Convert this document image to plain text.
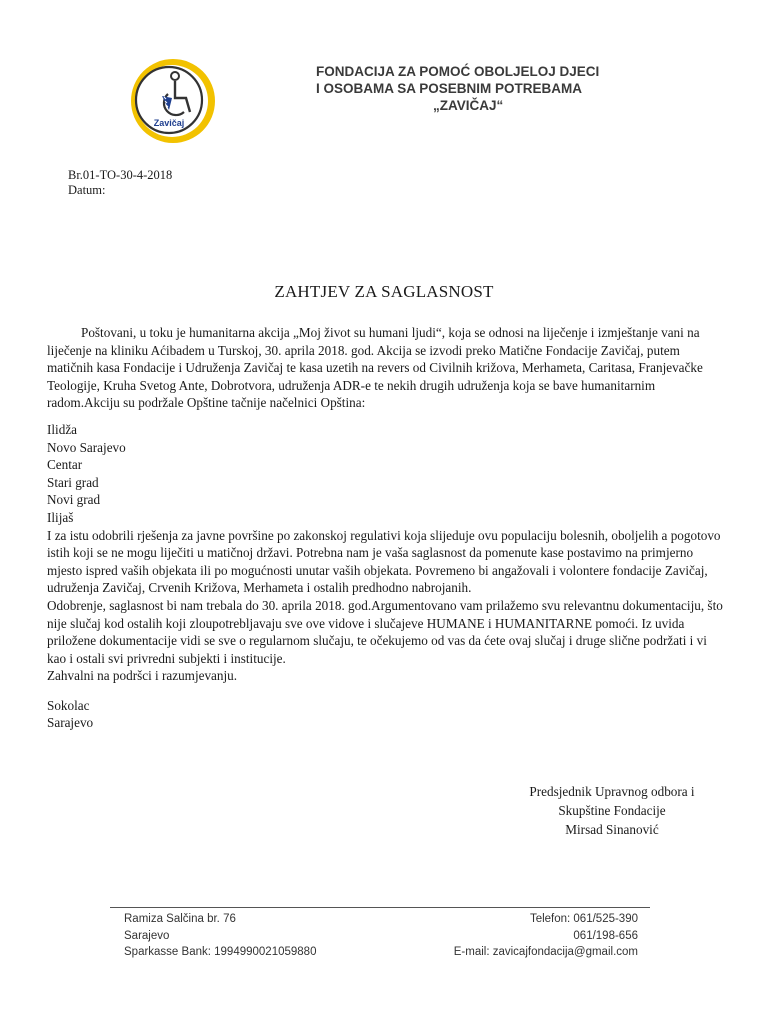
Zavičaj
FONDACIJA ZA POMOĆ OBOLJELOJ DJECI
I OSOBAMA SA POSEBNIM POTREBAMA
„ZAVIČAJ“
Br.01-TO-30-4-2018
Datum:
ZAHTJEV ZA SAGLASNOST

Poštovani, u toku je humanitarna akcija „Moj život su humani ljudi“, koja se odnosi na liječenje i izmještanje vani na liječenje na kliniku Aćibadem u Turskoj, 30. aprila 2018. god. Akcija se izvodi preko Matične Fondacije Zavičaj, putem matičnih kasa Fondacije i Udruženja Zavičaj te kasa uzetih na revers od Civilnih križova, Merhameta, Caritasa, Franjevačke Teologije, Kruha Svetog Ante, Dobrotvora, udruženja ADR-e te nekih drugih udruženja koja se bave humanitarnim radom.Akciju su podržale Opštine tačnije načelnici Opština:

Ilidža
Novo Sarajevo
Centar
Stari grad
Novi grad
Ilijaš

I za istu odobrili rješenja za javne površine po zakonskoj regulativi koja slijeduje ovu populaciju bolesnih, oboljelih a pogotovo istih koji se ne mogu liječiti u matičnoj državi. Potrebna nam je vaša saglasnost da pomenute kase postavimo na primjerno mjesto ispred vaših objekata ili po mogućnosti unutar vaših objekata. Povremeno bi angažovali i volontere fondacije Zavičaj, udruženja Zavičaj, Crvenih Križova, Merhameta i ostalih predhodno nabrojanih.

Odobrenje, saglasnost bi nam trebala do 30. aprila 2018. god.Argumentovano vam prilažemo svu relevantnu dokumentaciju, što nije slučaj kod ostalih koji zloupotrebljavaju sve ove vidove i slučajeve HUMANE i HUMANITARNE pomoći. Iz uvida priložene dokumentacije vidi se sve o regularnom slučaju, te očekujemo od vas da ćete ovaj slučaj i druge slične podržati i vi kao i ostali svi privredni subjekti i institucije.

Zahvalni na podršci i razumjevanju.

Sokolac
Sarajevo
Predsjednik Upravnog odbora i
Skupštine Fondacije
Mirsad Sinanović
Ramiza Salčina br. 76
Sarajevo
Sparkasse Bank: 1994990021059880
Telefon: 061/525-390
061/198-656
E-mail: zavicajfondacija@gmail.com
